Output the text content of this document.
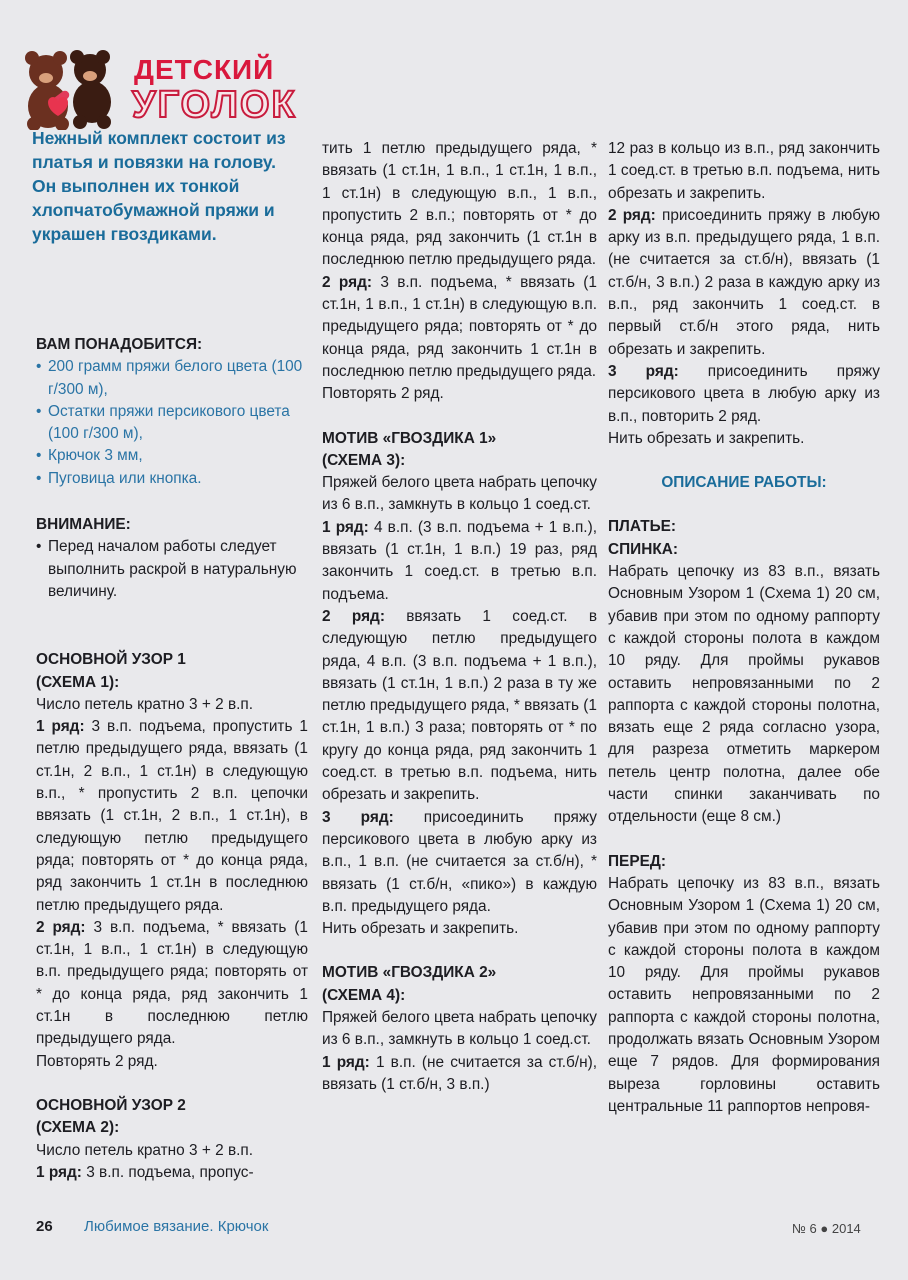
ДЕТСКИЙ
УГОЛОК
Нежный комплект состоит из платья и повязки на голову. Он выполнен их тонкой хлопчатобумажной пряжи и украшен гвоздиками.
ВАМ ПОНАДОБИТСЯ:
• 200 грамм пряжи белого цвета (100 г/300 м),
• Остатки пряжи персикового цвета (100 г/300 м),
• Крючок 3 мм,
• Пуговица или кнопка.
ВНИМАНИЕ:
• Перед началом работы следует выполнить раскрой в натуральную величину.
ОСНОВНОЙ УЗОР 1
(СХЕМА 1):

Число петель кратно 3 + 2 в.п.

1 ряд: 3 в.п. подъема, пропустить 1 петлю предыдущего ряда, ввязать (1 ст.1н, 2 в.п., 1 ст.1н) в следующую в.п., * пропустить 2 в.п. цепочки ввязать (1 ст.1н, 2 в.п., 1 ст.1н), в следующую петлю предыдущего ряда; повторять от * до конца ряда, ряд закончить 1 ст.1н в последнюю петлю предыдущего ряда.

2 ряд: 3 в.п. подъема, * ввязать (1 ст.1н, 1 в.п., 1 ст.1н) в следующую в.п. предыдущего ряда; повторять от * до конца ряда, ряд закончить 1 ст.1н в последнюю петлю предыдущего ряда.

Повторять 2 ряд.

ОСНОВНОЙ УЗОР 2
(СХЕМА 2):

Число петель кратно 3 + 2 в.п.

1 ряд: 3 в.п. подъема, пропус-

тить 1 петлю предыдущего ряда, * ввязать (1 ст.1н, 1 в.п., 1 ст.1н, 1 в.п., 1 ст.1н) в следующую в.п., 1 в.п., пропустить 2 в.п.; повторять от * до конца ряда, ряд закончить (1 ст.1н в последнюю петлю предыдущего ряда.

2 ряд: 3 в.п. подъема, * ввязать (1 ст.1н, 1 в.п., 1 ст.1н) в следующую в.п. предыдущего ряда; повторять от * до конца ряда, ряд закончить 1 ст.1н в последнюю петлю предыдущего ряда.

Повторять 2 ряд.

МОТИВ «ГВОЗДИКА 1»
(СХЕМА 3):

Пряжей белого цвета набрать цепочку из 6 в.п., замкнуть в кольцо 1 соед.ст.

1 ряд: 4 в.п. (3 в.п. подъема + 1 в.п.), ввязать (1 ст.1н, 1 в.п.) 19 раз, ряд закончить 1 соед.ст. в третью в.п. подъема.

2 ряд: ввязать 1 соед.ст. в следующую петлю предыдущего ряда, 4 в.п. (3 в.п. подъема + 1 в.п.), ввязать (1 ст.1н, 1 в.п.) 2 раза в ту же петлю предыдущего ряда, * ввязать (1 ст.1н, 1 в.п.) 3 раза; повторять от * по кругу до конца ряда, ряд закончить 1 соед.ст. в третью в.п. подъема, нить обрезать и закрепить.

3 ряд: присоединить пряжу персикового цвета в любую арку из в.п., 1 в.п. (не считается за ст.б/н), * ввязать (1 ст.б/н, «пико») в каждую в.п. предыдущего ряда.

Нить обрезать и закрепить.

МОТИВ «ГВОЗДИКА 2»
(СХЕМА 4):

Пряжей белого цвета набрать цепочку из 6 в.п., замкнуть в кольцо 1 соед.ст.

1 ряд: 1 в.п. (не считается за ст.б/н), ввязать (1 ст.б/н, 3 в.п.)

12 раз в кольцо из в.п., ряд закончить 1 соед.ст. в третью в.п. подъема, нить обрезать и закрепить.

2 ряд: присоединить пряжу в любую арку из в.п. предыдущего ряда, 1 в.п. (не считается за ст.б/н), ввязать (1 ст.б/н, 3 в.п.) 2 раза в каждую арку из в.п., ряд закончить 1 соед.ст. в первый ст.б/н этого ряда, нить обрезать и закрепить.

3 ряд: присоединить пряжу персикового цвета в любую арку из в.п., повторить 2 ряд.

Нить обрезать и закрепить.

ОПИСАНИЕ РАБОТЫ:
ПЛАТЬЕ:
СПИНКА:

Набрать цепочку из 83 в.п., вязать Основным Узором 1 (Схема 1) 20 см, убавив при этом по одному раппорту с каждой стороны полота в каждом 10 ряду. Для проймы рукавов оставить непровязанными по 2 раппорта с каждой стороны полотна, вязать еще 2 ряда согласно узора, для разреза отметить маркером петель центр полотна, далее обе части спинки заканчивать по отдельности (еще 8 см.)

ПЕРЕД:

Набрать цепочку из 83 в.п., вязать Основным Узором 1 (Схема 1) 20 см, убавив при этом по одному раппорту с каждой стороны полота в каждом 10 ряду. Для проймы рукавов оставить непровязанными по 2 раппорта с каждой стороны полотна, продолжать вязать Основным Узором еще 7 рядов. Для формирования выреза горловины оставить центральные 11 раппортов непровя-

26 Любимое вязание. Крючок	№ 6 ● 2014
